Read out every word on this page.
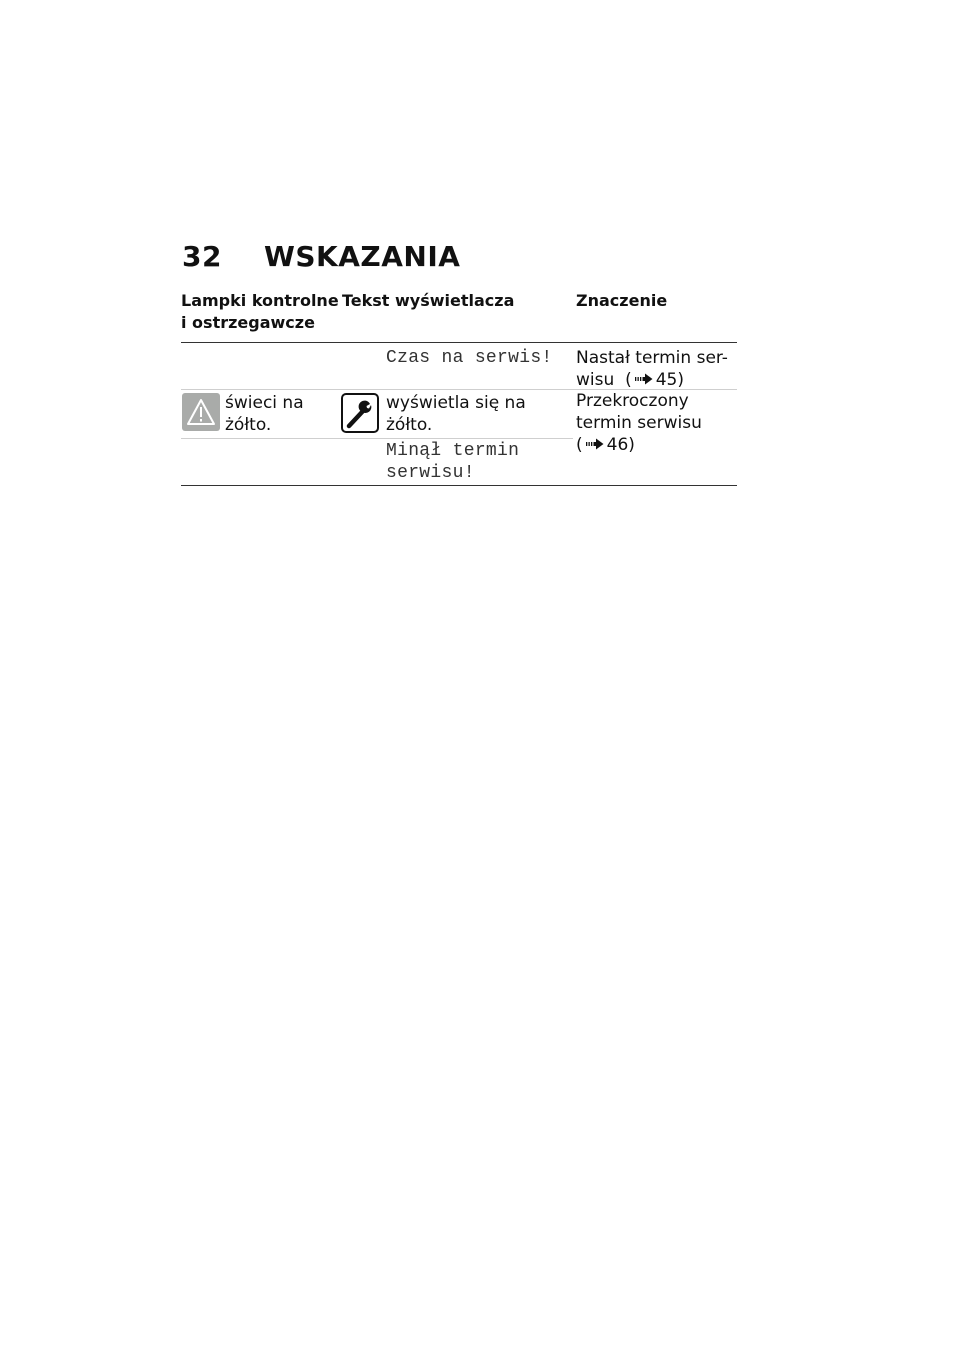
32	WSKAZANIA
Lampki kontrolne i ostrzegawcze
Tekst wyświetlacza	Znaczenie
Czas na serwis! Nastał termin ser-
wisu ( 45)
świeci na żółto.
wyświetla się na żółto.
Minął termin serwisu!
Przekroczony termin serwisu
( 46)
